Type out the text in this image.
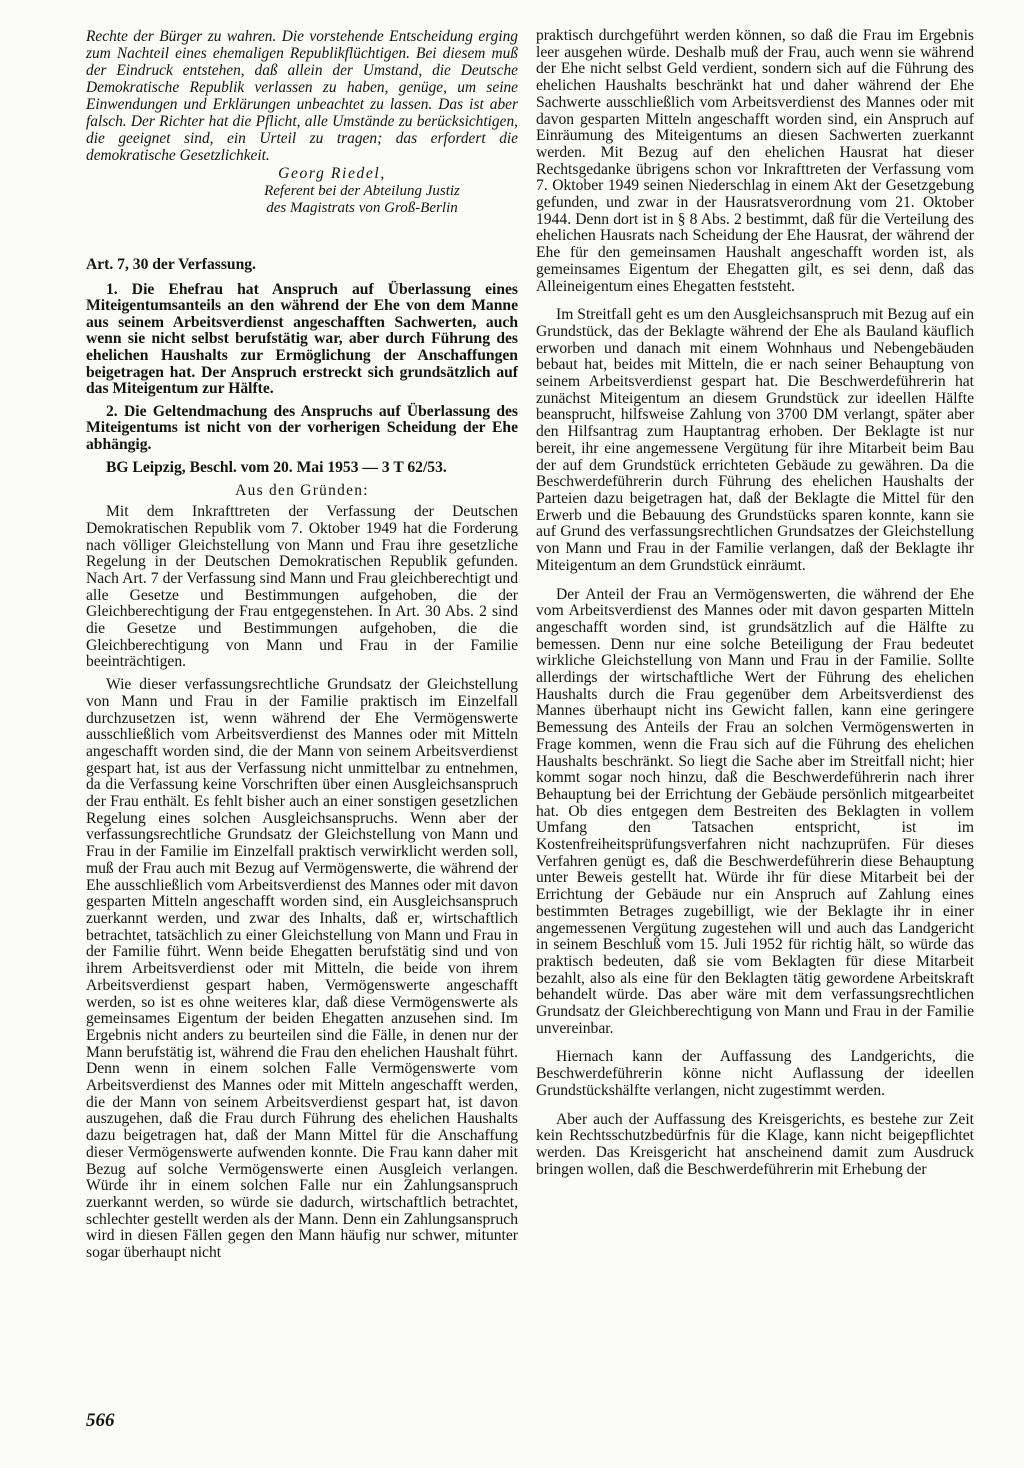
Rechte der Bürger zu wahren. Die vorstehende Entscheidung erging zum Nachteil eines ehemaligen Republikflüchtigen. Bei diesem muß der Eindruck entstehen, daß allein der Umstand, die Deutsche Demokratische Republik verlassen zu haben, genüge, um seine Einwendungen und Erklärungen unbeachtet zu lassen. Das ist aber falsch. Der Richter hat die Pflicht, alle Umstände zu berücksichtigen, die geeignet sind, ein Urteil zu tragen; das erfordert die demokratische Gesetzlichkeit.

Georg Riedel,
Referent bei der Abteilung Justiz
des Magistrats von Groß-Berlin

Art. 7, 30 der Verfassung.

1. Die Ehefrau hat Anspruch auf Überlassung eines Miteigentumsanteils an den während der Ehe von dem Manne aus seinem Arbeitsverdienst angeschafften Sachwerten, auch wenn sie nicht selbst berufstätig war, aber durch Führung des ehelichen Haushalts zur Ermöglichung der Anschaffungen beigetragen hat. Der Anspruch erstreckt sich grundsätzlich auf das Miteigentum zur Hälfte.

2. Die Geltendmachung des Anspruchs auf Überlassung des Miteigentums ist nicht von der vorherigen Scheidung der Ehe abhängig.

BG Leipzig, Beschl. vom 20. Mai 1953 — 3 T 62/53.

Aus den Gründen:

Mit dem Inkrafttreten der Verfassung der Deutschen Demokratischen Republik vom 7. Oktober 1949 hat die Forderung nach völliger Gleichstellung von Mann und Frau ihre gesetzliche Regelung in der Deutschen Demokratischen Republik gefunden. Nach Art. 7 der Verfassung sind Mann und Frau gleichberechtigt und alle Gesetze und Bestimmungen aufgehoben, die der Gleichberechtigung der Frau entgegenstehen. In Art. 30 Abs. 2 sind die Gesetze und Bestimmungen aufgehoben, die die Gleichberechtigung von Mann und Frau in der Familie beeinträchtigen.

Wie dieser verfassungsrechtliche Grundsatz der Gleichstellung von Mann und Frau in der Familie praktisch im Einzelfall durchzusetzen ist, wenn während der Ehe Vermögenswerte ausschließlich vom Arbeitsverdienst des Mannes oder mit Mitteln angeschafft worden sind, die der Mann von seinem Arbeitsverdienst gespart hat, ist aus der Verfassung nicht unmittelbar zu entnehmen, da die Verfassung keine Vorschriften über einen Ausgleichsanspruch der Frau enthält. Es fehlt bisher auch an einer sonstigen gesetzlichen Regelung eines solchen Ausgleichsanspruchs. Wenn aber der verfassungsrechtliche Grundsatz der Gleichstellung von Mann und Frau in der Familie im Einzelfall praktisch verwirklicht werden soll, muß der Frau auch mit Bezug auf Vermögenswerte, die während der Ehe ausschließlich vom Arbeitsverdienst des Mannes oder mit davon gesparten Mitteln angeschafft worden sind, ein Ausgleichsanspruch zuerkannt werden, und zwar des Inhalts, daß er, wirtschaftlich betrachtet, tatsächlich zu einer Gleichstellung von Mann und Frau in der Familie führt. Wenn beide Ehegatten berufstätig sind und von ihrem Arbeitsverdienst oder mit Mitteln, die beide von ihrem Arbeitsverdienst gespart haben, Vermögenswerte angeschafft werden, so ist es ohne weiteres klar, daß diese Vermögenswerte als gemeinsames Eigentum der beiden Ehegatten anzusehen sind. Im Ergebnis nicht anders zu beurteilen sind die Fälle, in denen nur der Mann berufstätig ist, während die Frau den ehelichen Haushalt führt. Denn wenn in einem solchen Falle Vermögenswerte vom Arbeitsverdienst des Mannes oder mit Mitteln angeschafft werden, die der Mann von seinem Arbeitsverdienst gespart hat, ist davon auszugehen, daß die Frau durch Führung des ehelichen Haushalts dazu beigetragen hat, daß der Mann Mittel für die Anschaffung dieser Vermögenswerte aufwenden konnte. Die Frau kann daher mit Bezug auf solche Vermögenswerte einen Ausgleich verlangen. Würde ihr in einem solchen Falle nur ein Zahlungsanspruch zuerkannt werden, so würde sie dadurch, wirtschaftlich betrachtet, schlechter gestellt werden als der Mann. Denn ein Zahlungsanspruch wird in diesen Fällen gegen den Mann häufig nur schwer, mitunter sogar überhaupt nicht

praktisch durchgeführt werden können, so daß die Frau im Ergebnis leer ausgehen würde. Deshalb muß der Frau, auch wenn sie während der Ehe nicht selbst Geld verdient, sondern sich auf die Führung des ehelichen Haushalts beschränkt hat und daher während der Ehe Sachwerte ausschließlich vom Arbeitsverdienst des Mannes oder mit davon gesparten Mitteln angeschafft worden sind, ein Anspruch auf Einräumung des Miteigentums an diesen Sachwerten zuerkannt werden. Mit Bezug auf den ehelichen Hausrat hat dieser Rechtsgedanke übrigens schon vor Inkrafttreten der Verfassung vom 7. Oktober 1949 seinen Niederschlag in einem Akt der Gesetzgebung gefunden, und zwar in der Hausratsverordnung vom 21. Oktober 1944. Denn dort ist in § 8 Abs. 2 bestimmt, daß für die Verteilung des ehelichen Hausrats nach Scheidung der Ehe Hausrat, der während der Ehe für den gemeinsamen Haushalt angeschafft worden ist, als gemeinsames Eigentum der Ehegatten gilt, es sei denn, daß das Alleineigentum eines Ehegatten feststeht.

Im Streitfall geht es um den Ausgleichsanspruch mit Bezug auf ein Grundstück, das der Beklagte während der Ehe als Bauland käuflich erworben und danach mit einem Wohnhaus und Nebengebäuden bebaut hat, beides mit Mitteln, die er nach seiner Behauptung von seinem Arbeitsverdienst gespart hat. Die Beschwerdeführerin hat zunächst Miteigentum an diesem Grundstück zur ideellen Hälfte beansprucht, hilfsweise Zahlung von 3700 DM verlangt, später aber den Hilfsantrag zum Hauptantrag erhoben. Der Beklagte ist nur bereit, ihr eine angemessene Vergütung für ihre Mitarbeit beim Bau der auf dem Grundstück errichteten Gebäude zu gewähren. Da die Beschwerdeführerin durch Führung des ehelichen Haushalts der Parteien dazu beigetragen hat, daß der Beklagte die Mittel für den Erwerb und die Bebauung des Grundstücks sparen konnte, kann sie auf Grund des verfassungsrechtlichen Grundsatzes der Gleichstellung von Mann und Frau in der Familie verlangen, daß der Beklagte ihr Miteigentum an dem Grundstück einräumt.

Der Anteil der Frau an Vermögenswerten, die während der Ehe vom Arbeitsverdienst des Mannes oder mit davon gesparten Mitteln angeschafft worden sind, ist grundsätzlich auf die Hälfte zu bemessen. Denn nur eine solche Beteiligung der Frau bedeutet wirkliche Gleichstellung von Mann und Frau in der Familie. Sollte allerdings der wirtschaftliche Wert der Führung des ehelichen Haushalts durch die Frau gegenüber dem Arbeitsverdienst des Mannes überhaupt nicht ins Gewicht fallen, kann eine geringere Bemessung des Anteils der Frau an solchen Vermögenswerten in Frage kommen, wenn die Frau sich auf die Führung des ehelichen Haushalts beschränkt. So liegt die Sache aber im Streitfall nicht; hier kommt sogar noch hinzu, daß die Beschwerdeführerin nach ihrer Behauptung bei der Errichtung der Gebäude persönlich mitgearbeitet hat. Ob dies entgegen dem Bestreiten des Beklagten in vollem Umfang den Tatsachen entspricht, ist im Kostenfreiheitsprüfungsverfahren nicht nachzuprüfen. Für dieses Verfahren genügt es, daß die Beschwerdeführerin diese Behauptung unter Beweis gestellt hat. Würde ihr für diese Mitarbeit bei der Errichtung der Gebäude nur ein Anspruch auf Zahlung eines bestimmten Betrages zugebilligt, wie der Beklagte ihr in einer angemessenen Vergütung zugestehen will und auch das Landgericht in seinem Beschluß vom 15. Juli 1952 für richtig hält, so würde das praktisch bedeuten, daß sie vom Beklagten für diese Mitarbeit bezahlt, also als eine für den Beklagten tätig gewordene Arbeitskraft behandelt würde. Das aber wäre mit dem verfassungsrechtlichen Grundsatz der Gleichberechtigung von Mann und Frau in der Familie unvereinbar.

Hiernach kann der Auffassung des Landgerichts, die Beschwerdeführerin könne nicht Auflassung der ideellen Grundstückshälfte verlangen, nicht zugestimmt werden.

Aber auch der Auffassung des Kreisgerichts, es bestehe zur Zeit kein Rechtsschutzbedürfnis für die Klage, kann nicht beigepflichtet werden. Das Kreisgericht hat anscheinend damit zum Ausdruck bringen wollen, daß die Beschwerdeführerin mit Erhebung der

566
